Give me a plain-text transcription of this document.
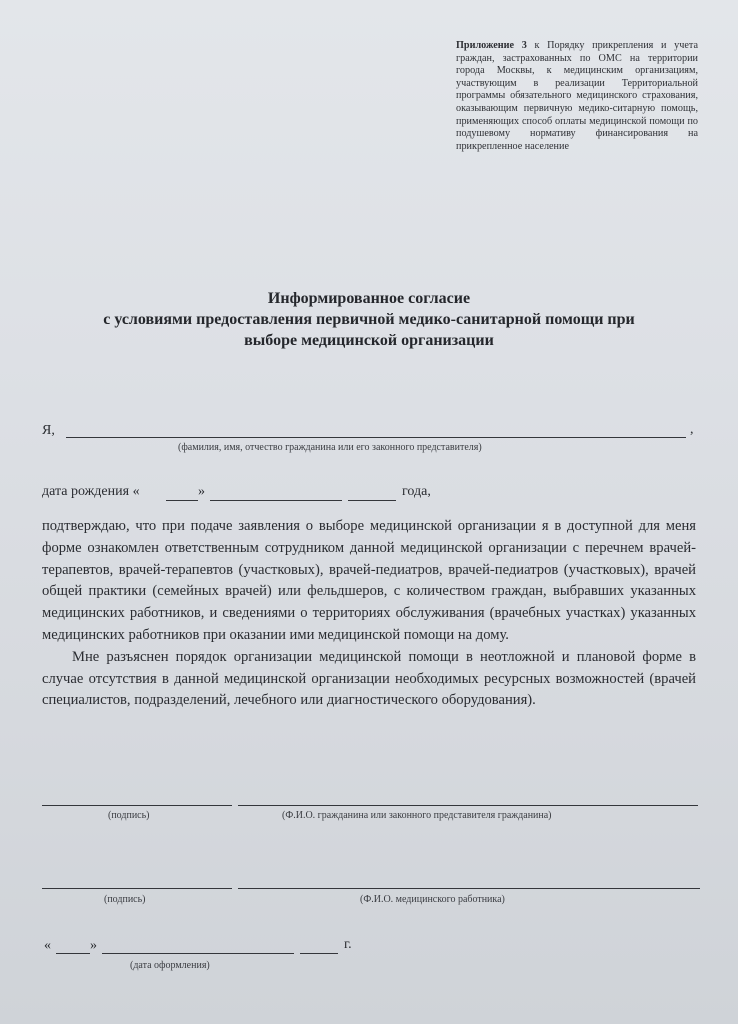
Приложение 3 к Порядку прикрепления и учета граждан, застрахованных по ОМС на территории города Москвы, к медицинским организациям, участвующим в реализации Территориальной программы обязательного медицинского страхования, оказывающим первичную медико-ситарную помощь, применяющих способ оплаты медицинской помощи по подушевому нормативу финансирования на прикрепленное население
Информированное согласие
с условиями предоставления первичной медико-санитарной помощи при
выборе медицинской организации
Я,	,
(фамилия, имя, отчество гражданина или его законного представителя)
дата рождения «	»	года,

подтверждаю, что при подаче заявления о выборе медицинской организации я в доступной для меня форме ознакомлен ответственным сотрудником данной медицинской организации с перечнем врачей-терапевтов, врачей-терапевтов (участковых), врачей-педиатров, врачей-педиатров (участковых), врачей общей практики (семейных врачей) или фельдшеров, с количеством граждан, выбравших указанных медицинских работников, и сведениями о территориях обслуживания (врачебных участках) указанных медицинских работников при оказании ими медицинской помощи на дому.

Мне разъяснен порядок организации медицинской помощи в неотложной и плановой форме в случае отсутствия в данной медицинской организации необходимых ресурсных возможностей (врачей специалистов, подразделений, лечебного или диагностического оборудования).

(подпись)	(Ф.И.О. гражданина или законного представителя гражданина)
(подпись)	(Ф.И.О. медицинского работника)
«	»	г.
(дата оформления)
